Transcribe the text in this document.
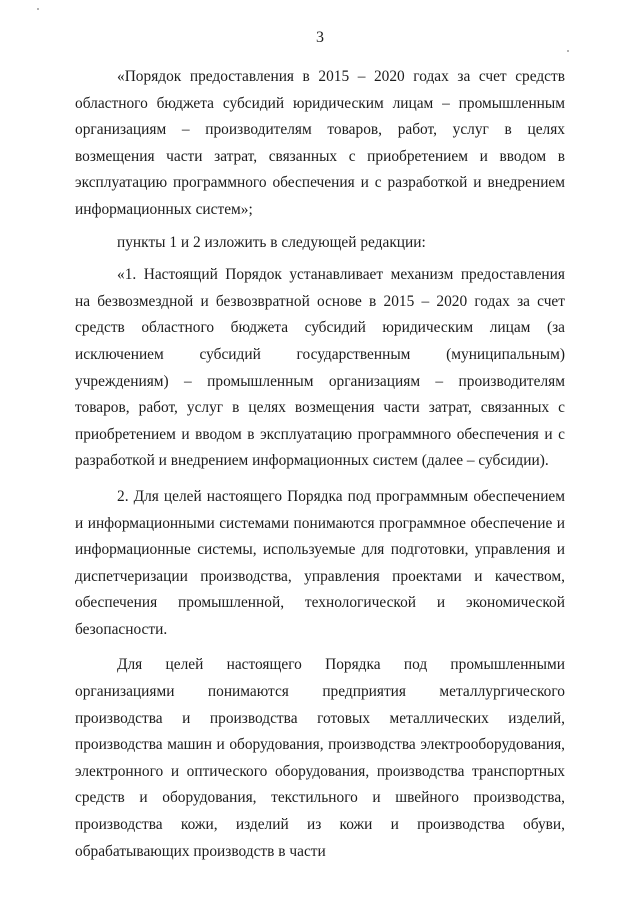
3

«Порядок предоставления в 2015 – 2020 годах за счет средств областного бюджета субсидий юридическим лицам – промышленным организациям – производителям товаров, работ, услуг в целях возмещения части затрат, связанных с приобретением и вводом в эксплуатацию программного обеспечения и с разработкой и внедрением информационных систем»;

пункты 1 и 2 изложить в следующей редакции:

«1. Настоящий Порядок устанавливает механизм предоставления на безвозмездной и безвозвратной основе в 2015 – 2020 годах за счет средств областного бюджета субсидий юридическим лицам (за исключением субсидий государственным (муниципальным) учреждениям) – промышленным организациям – производителям товаров, работ, услуг в целях возмещения части затрат, связанных с приобретением и вводом в эксплуатацию программного обеспечения и с разработкой и внедрением информационных систем (далее – субсидии).

2. Для целей настоящего Порядка под программным обеспечением и информационными системами понимаются программное обеспечение и информационные системы, используемые для подготовки, управления и диспетчеризации производства, управления проектами и качеством, обеспечения промышленной, технологической и экономической безопасности.

Для целей настоящего Порядка под промышленными организациями понимаются предприятия металлургического производства и производства готовых металлических изделий, производства машин и оборудования, производства электрооборудования, электронного и оптического оборудования, производства транспортных средств и оборудования, текстильного и швейного производства, производства кожи, изделий из кожи и производства обуви, обрабатывающих производств в части
